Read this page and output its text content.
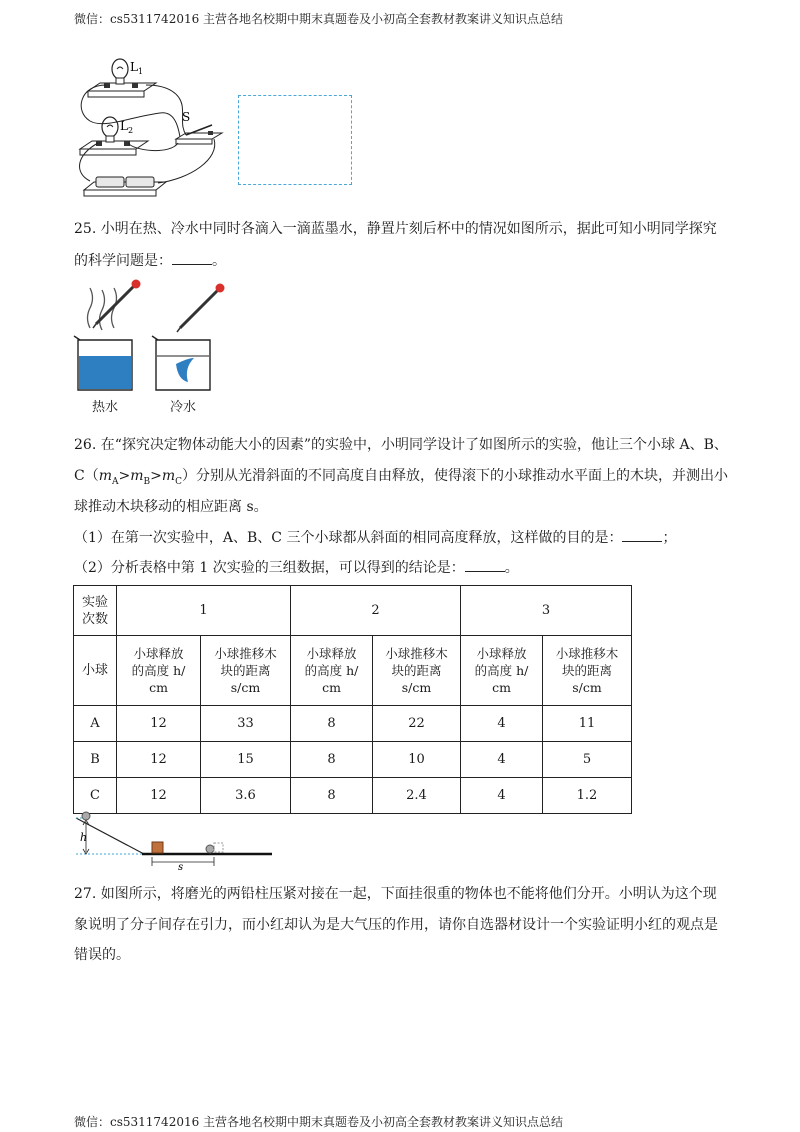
微信：cs5311742016 主营各地名校期中期末真题卷及小初高全套教材教案讲义知识点总结
微信：cs5311742016 主营各地名校期中期末真题卷及小初高全套教材教案讲义知识点总结
$L_1$
$L_2$
S
25. 小明在热、冷水中同时各滴入一滴蓝墨水，静置片刻后杯中的情况如图所示，据此可知小明同学探究
的科学问题是：	。
热水	冷水
26. 在“探究决定物体动能大小的因素”的实验中，小明同学设计了如图所示的实验，他让三个小球 A、B、
$C(m_A>m_B>m_C)$分别从光滑斜面的不同高度自由释放，使得滚下的小球推动水平面上的木块，并测出小
球推动木块移动的相应距离 s。
（1）在第一次实验中，A、B、C 三个小球都从斜面的相同高度释放，这样做的目的是：	；
（2）分析表格中第 1 次实验的三组数据，可以得到的结论是：	。
实验
次数	1		2		3	
小球	小球释放
的高度 h/
cm	小球推移木
块的距离
s/cm	小球释放
的高度 h/
cm	小球推移木
块的距离
s/cm	小球释放
的高度 h/
cm	小球推移木
块的距离
s/cm
A	12	33	8	22	4	11
B	12	15	8	10	4	5
C	12	3.6	8	2.4	4	1.2
h
s
27. 如图所示，将磨光的两铅柱压紧对接在一起，下面挂很重的物体也不能将他们分开。小明认为这个现
象说明了分子间存在引力，而小红却认为是大气压的作用，请你自选器材设计一个实验证明小红的观点是
错误的。
